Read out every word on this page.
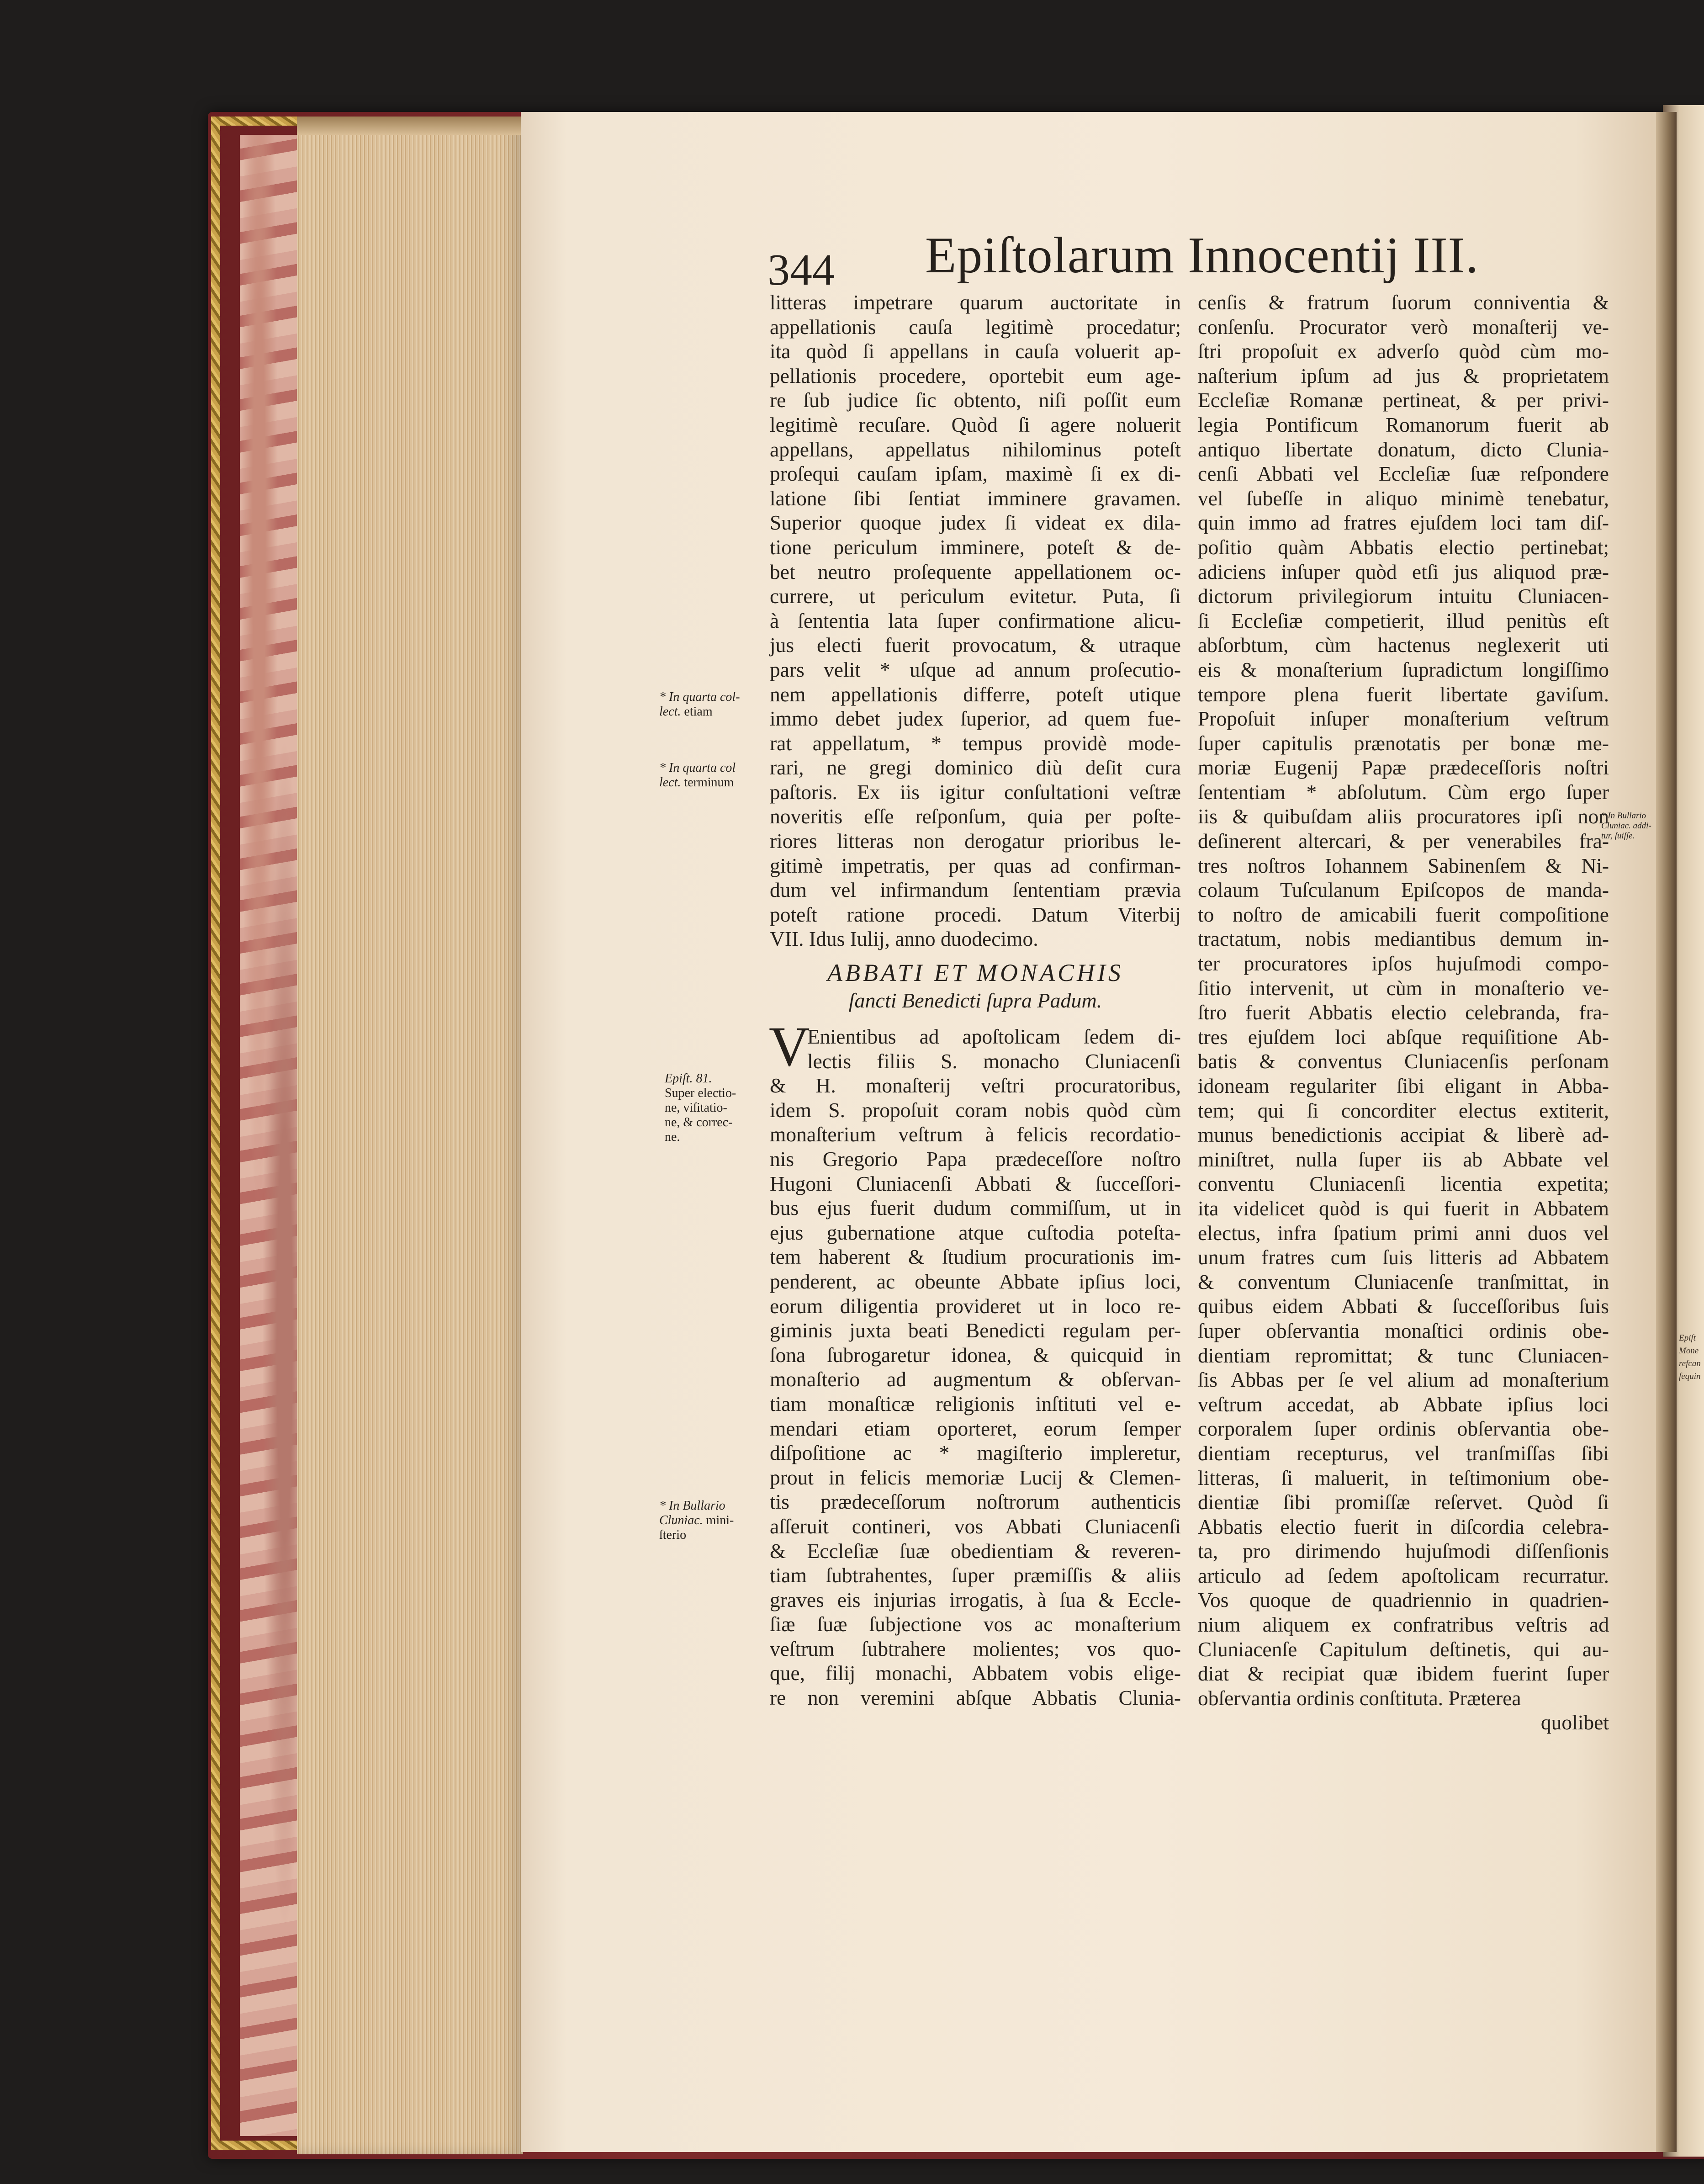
344 Epiſtolarum Innocentij III.
litteras impetrare quarum auctoritate in
appellationis cauſa legitimè procedatur;
ita quòd ſi appellans in cauſa voluerit ap-
pellationis procedere, oportebit eum age-
re ſub judice ſic obtento, niſi poſſit eum
legitimè recuſare. Quòd ſi agere noluerit
appellans, appellatus nihilominus poteſt
proſequi cauſam ipſam, maximè ſi ex di-
latione ſibi ſentiat imminere gravamen.
Superior quoque judex ſi videat ex dila-
tione periculum imminere, poteſt & de-
bet neutro proſequente appellationem oc-
currere, ut periculum evitetur. Puta, ſi
à ſententia lata ſuper confirmatione alicu-
jus electi fuerit provocatum, & utraque
pars velit * uſque ad annum proſecutio-
nem appellationis differre, poteſt utique
immo debet judex ſuperior, ad quem fue-
rat appellatum, * tempus providè mode-
rari, ne gregi dominico diù deſit cura
paſtoris. Ex iis igitur conſultationi veſtræ
noveritis eſſe reſponſum, quia per poſte-
riores litteras non derogatur prioribus le-
gitimè impetratis, per quas ad confirman-
dum vel infirmandum ſententiam prævia
poteſt ratione procedi. Datum Viterbij
VII. Idus Iulij, anno duodecimo.
ABBATI ET MONACHIS
ſancti Benedicti ſupra Padum.
V
Enientibus ad apoſtolicam ſedem di-
lectis filiis S. monacho Cluniacenſi
& H. monaſterij veſtri procuratoribus,
idem S. propoſuit coram nobis quòd cùm
monaſterium veſtrum à felicis recordatio-
nis Gregorio Papa prædeceſſore noſtro
Hugoni Cluniacenſi Abbati & ſucceſſori-
bus ejus fuerit dudum commiſſum, ut in
ejus gubernatione atque cuſtodia poteſta-
tem haberent & ſtudium procurationis im-
penderent, ac obeunte Abbate ipſius loci,
eorum diligentia provideret ut in loco re-
giminis juxta beati Benedicti regulam per-
ſona ſubrogaretur idonea, & quicquid in
monaſterio ad augmentum & obſervan-
tiam monaſticæ religionis inſtituti vel e-
mendari etiam oporteret, eorum ſemper
diſpoſitione ac * magiſterio impleretur,
prout in felicis memoriæ Lucij & Clemen-
tis prædeceſſorum noſtrorum authenticis
aſſeruit contineri, vos Abbati Cluniacenſi
& Eccleſiæ ſuæ obedientiam & reveren-
tiam ſubtrahentes, ſuper præmiſſis & aliis
graves eis injurias irrogatis, à ſua & Eccle-
ſiæ ſuæ ſubjectione vos ac monaſterium
veſtrum ſubtrahere molientes; vos quo-
que, filij monachi, Abbatem vobis elige-
re non veremini abſque Abbatis Clunia-
cenſis & fratrum ſuorum conniventia &
conſenſu. Procurator verò monaſterij ve-
ſtri propoſuit ex adverſo quòd cùm mo-
naſterium ipſum ad jus & proprietatem
Eccleſiæ Romanæ pertineat, & per privi-
legia Pontificum Romanorum fuerit ab
antiquo libertate donatum, dicto Clunia-
cenſi Abbati vel Eccleſiæ ſuæ reſpondere
vel ſubeſſe in aliquo minimè tenebatur,
quin immo ad fratres ejuſdem loci tam diſ-
poſitio quàm Abbatis electio pertinebat;
adiciens inſuper quòd etſi jus aliquod præ-
dictorum privilegiorum intuitu Cluniacen-
ſi Eccleſiæ competierit, illud penitùs eſt
abſorbtum, cùm hactenus neglexerit uti
eis & monaſterium ſupradictum longiſſimo
tempore plena fuerit libertate gaviſum.
Propoſuit inſuper monaſterium veſtrum
ſuper capitulis prænotatis per bonæ me-
moriæ Eugenij Papæ prædeceſſoris noſtri
ſententiam * abſolutum. Cùm ergo ſuper
iis & quibuſdam aliis procuratores ipſi non
deſinerent altercari, & per venerabiles fra-
tres noſtros Iohannem Sabinenſem & Ni-
colaum Tuſculanum Epiſcopos de manda-
to noſtro de amicabili fuerit compoſitione
tractatum, nobis mediantibus demum in-
ter procuratores ipſos hujuſmodi compo-
ſitio intervenit, ut cùm in monaſterio ve-
ſtro fuerit Abbatis electio celebranda, fra-
tres ejuſdem loci abſque requiſitione Ab-
batis & conventus Cluniacenſis perſonam
idoneam regulariter ſibi eligant in Abba-
tem; qui ſi concorditer electus extiterit,
munus benedictionis accipiat & liberè ad-
miniſtret, nulla ſuper iis ab Abbate vel
conventu Cluniacenſi licentia expetita;
ita videlicet quòd is qui fuerit in Abbatem
electus, infra ſpatium primi anni duos vel
unum fratres cum ſuis litteris ad Abbatem
& conventum Cluniacenſe tranſmittat, in
quibus eidem Abbati & ſucceſſoribus ſuis
ſuper obſervantia monaſtici ordinis obe-
dientiam repromittat; & tunc Cluniacen-
ſis Abbas per ſe vel alium ad monaſterium
veſtrum accedat, ab Abbate ipſius loci
corporalem ſuper ordinis obſervantia obe-
dientiam recepturus, vel tranſmiſſas ſibi
litteras, ſi maluerit, in teſtimonium obe-
dientiæ ſibi promiſſæ reſervet. Quòd ſi
Abbatis electio fuerit in diſcordia celebra-
ta, pro dirimendo hujuſmodi diſſenſionis
articulo ad ſedem apoſtolicam recurratur.
Vos quoque de quadriennio in quadrien-
nium aliquem ex confratribus veſtris ad
Cluniacenſe Capitulum deſtinetis, qui au-
diat & recipiat quæ ibidem fuerint ſuper
obſervantia ordinis conſtituta. Præterea
quolibet
* In quarta col-
lect. etiam
* In quarta col
lect. terminum
Epiſt. 81.
Super electio-
ne, viſitatio-
ne, & correc-
ne.
* In Bullario
Cluniac. mini-
ſterio
* In Bullario
Cluniac. addi-
tur, ſuiſſe.
Epiſt
Mone
refcan
ſequin
